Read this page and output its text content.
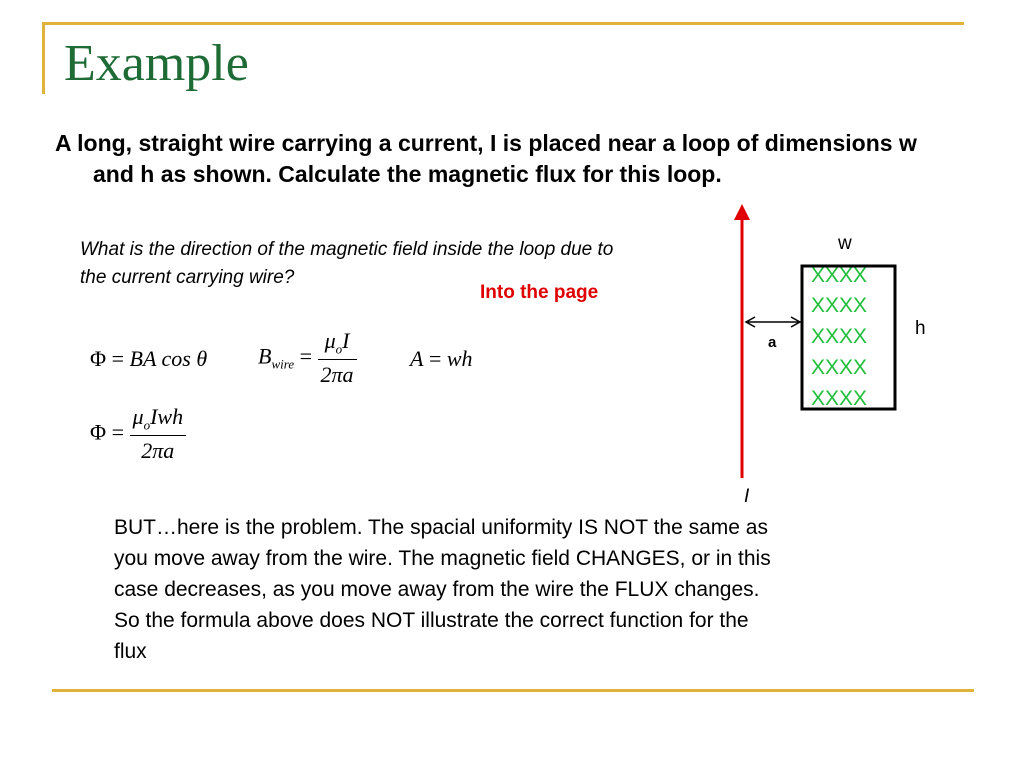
Example
A long, straight wire carrying a current, I is placed near a loop of dimensions w and h as shown. Calculate the magnetic flux for this loop.
What is the direction of the magnetic field inside the loop due to the current carrying wire?
Into the page
Φ = BA cos θ $B_{wire} = \frac{\mu_oI}{2\pi a}$ A = wh
$\Phi = \frac{\mu_oIwh}{2\pi a}$
BUT…here is the problem. The spacial uniformity IS NOT the same as you move away from the wire. The magnetic field CHANGES, or in this case decreases, as you move away from the wire the FLUX changes. So the formula above does NOT illustrate the correct function for the flux
XXXX
XXXX
XXXX
XXXX
XXXX
w
h
a
I
